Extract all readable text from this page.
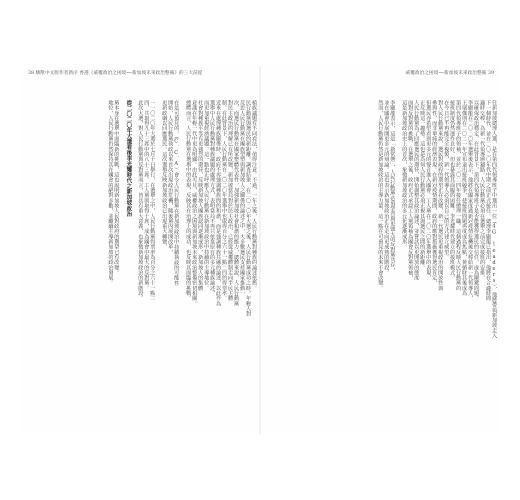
38 馴獸中文版作者新序 香港《威權政治之困境──新加坡未來政治整備》的三大前提
植族議題有不同看法，值得注意。不過，一年之後，人民行動黨對種族的論述依舊。
民行動黨與選民的新距離。調查結果，在二〇二〇年大選之後，人民行動黨成功之時，年輕人對
反思人民行動黨在國族型塑與新加坡人之關係的論述之中，大多數選民支持國家推動一
次，而選民行動黨在國家整體代表性，加強新加坡社會和諧的能力，總體來說，人民行動黨
對民主政治的理解已有所改變，新加坡當局對於民主政治，已經從威權體制走向半民主體
制。在此背景下，人民行動黨在二〇二〇年選舉中也取得百分之六十一點二四的得票率。
近來在處理種族關係時，政府不再強調種族間的和諧，而是強調種族共融的論述，以此作為
選舉中人民行動黨對種族議題的處理方式，表明當局不再只依靠原有的多元種族論述，
而更加重視經濟議題。這一點也正呼應人民行動黨在新加坡政治中持續的主導地位。
社會對種族平等有更強烈的期待，反映新加坡人國族認同逐漸成形，新加坡人的集體
意識在年輕一代中更為明顯。由此可見，威權政治之困境與新加坡未來政治整備密切相關。
總體而言，人民行動黨在選舉中的表現，反映其在治理上的成功，也反映其面臨的挑戰。
在是可預見的。（C．C．A）會令人民行動黨在新加坡政治中持續執政的可能性
開始，人民行動黨執政以來首次出現政治危機，隨後黨內展開改革，
更新政綱以回應選民。這次選舉反映新加坡政治已出現重大轉變，
一一〇二〇年大選於七月十日舉行，在選舉之中，人民行動黨得票率為百分之六十一點二
四，共取得九十三席中的八十三席。工人黨則取得十席，成為國會中最大的反對黨。
此次大選，對人民行動黨與反對黨而言，皆具有重大意義，也象徵新加坡政治的新階段。
從二〇二〇年大選看後李光耀時代之新加坡政治
黨本身在選舉中面臨新的挑戰，這也說明新加坡人民對政府的期望已有改變。
地位，人民行動黨仍然保持其在國會的絕對多數，並繼續主導新加坡的政治發展。
威權政治之困境──新加坡未來政治整備 39
任新加坡總理人選，是在第四代領導班子中選出一位（4G leaders），他將帶領新加坡走入
下一個時代，並在二〇二〇年代中期之前正式接任。總理李顯龍已指出，他將在合適時間
適時交棒，為新一代領導層鋪路。人民行動黨必須在選舉之前完成接班的安排，
以確保政治穩定。在此背景下，第四代領導班子是否能獲得選民的信任，成為關鍵問題。
李顯龍在二〇二〇年選舉後表示，他將在國家度過新冠疫情危機後交棒給新一代領導人，
王瑞傑則在二〇二一年宣布退出接班競爭，使接班問題再度成為焦點，黃循財其後成為
第四代領導班子的領袖，並於二〇二四年接任總理一職。這個過程反映人民行動黨的
接班制度仍然運作良好，但也暴露其面臨的困難。李光耀時代建立的接班模式，
在今日已不再能完全複製，新一代領導人必須以自己的方式建立威望。
對人民行動黨來說，選民對政府的期望正在改變，新一代選民更重視政治的開放性與
參與性，而非單純的經濟表現。在新冠疫情期間，政府的應對措施獲得選民肯定，
但選民亦希望看到更多元的聲音進入國會。工人黨在二〇二〇年選舉中的表現，
正反映這一趨勢。這也是為何人民行動黨必須正視其與選民之間的新距離。
人民行動黨為了回應選民的期待，開始調整其政治論述，並嘗試以更開放的態度
面對反對黨的挑戰。在選舉之後，政府正式承認工人黨領袖為國會反對黨領袖，
這是新加坡政治史上的首次，象徵新加坡政治的多元化逐漸成形。
李顯龍表示，這是「新常態」，人民行動黨必須學習與更強大的反對黨共存，
並在國會中展開更多元的辯論。這也表示新加坡政治正在走向更成熟的階段。
然而，人民行動黨仍然是新加坡政治的主導力量，這一點在可預見的未來不會改變。
